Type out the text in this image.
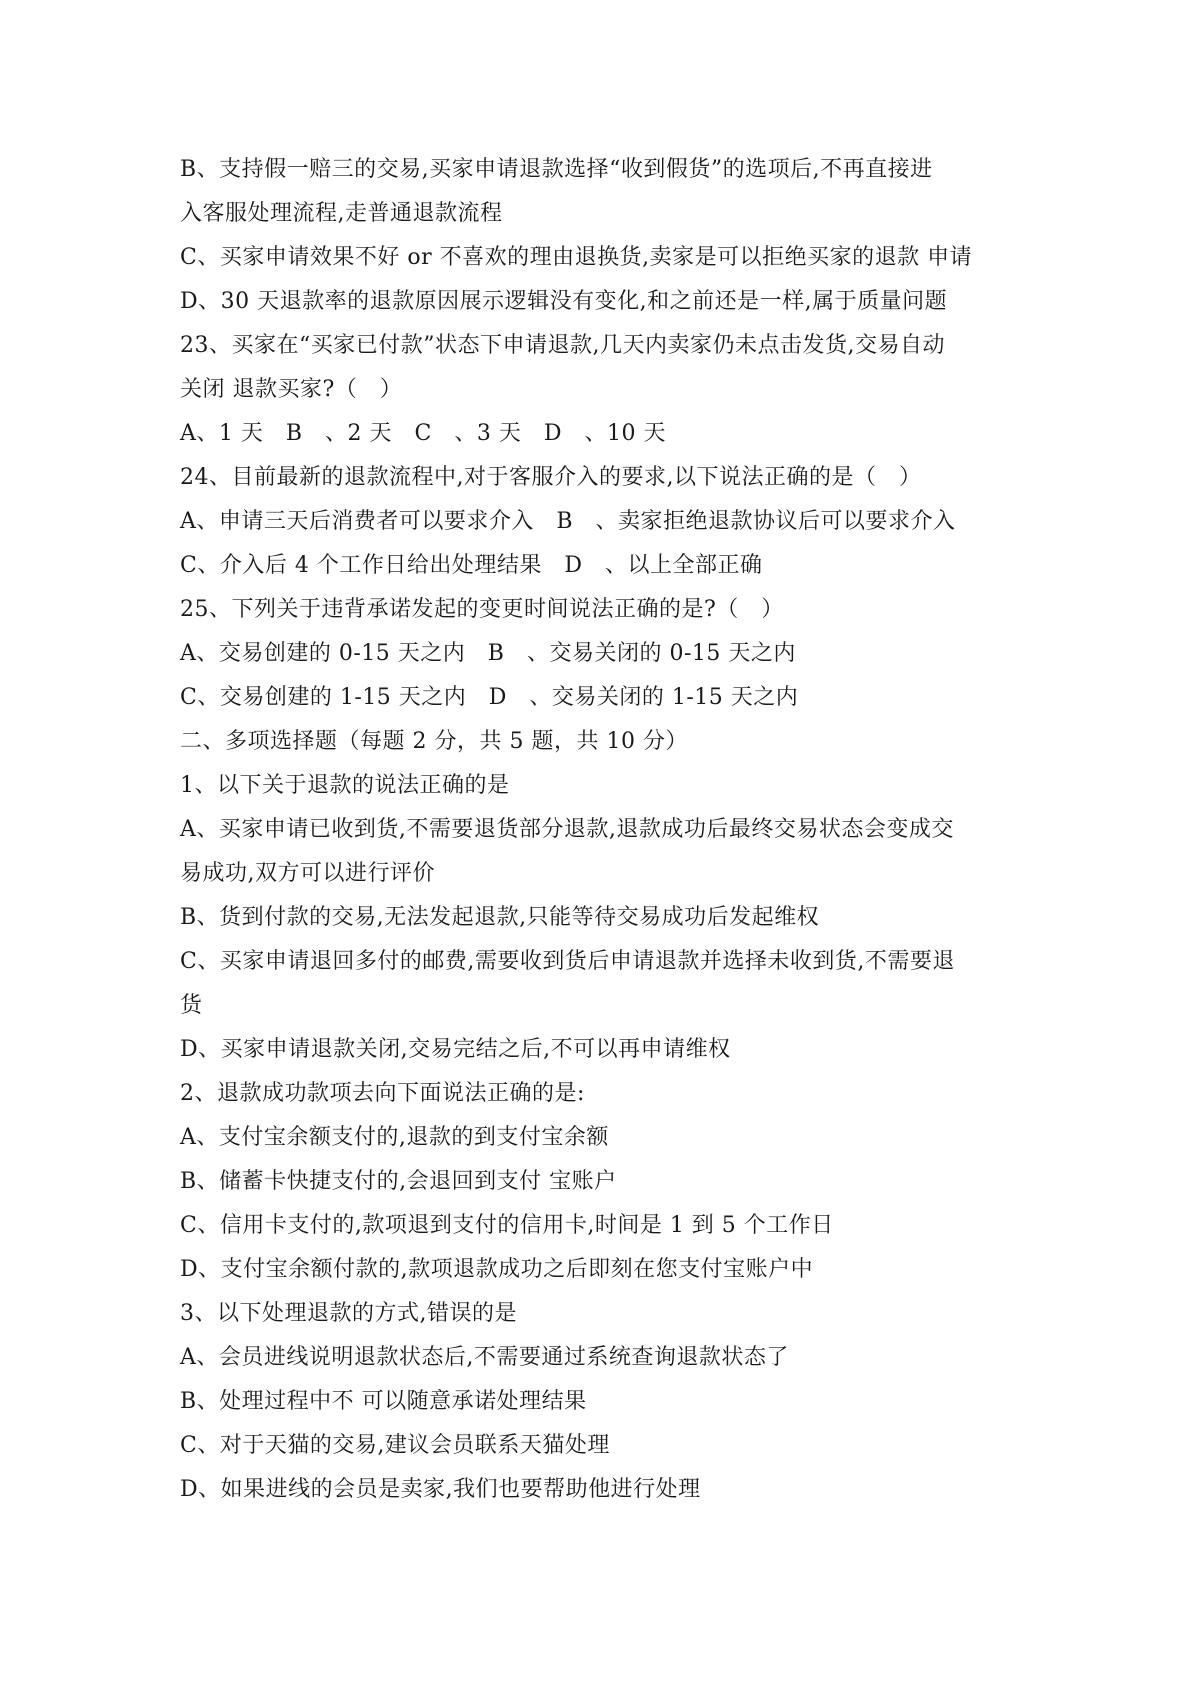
B、支持假一赔三的交易,买家申请退款选择“收到假货”的选项后,不再直接进
入客服处理流程,走普通退款流程
C、买家申请效果不好 or 不喜欢的理由退换货,卖家是可以拒绝买家的退款 申请
D、30 天退款率的退款原因展示逻辑没有变化,和之前还是一样,属于质量问题
23、买家在“买家已付款”状态下申请退款,几天内卖家仍未点击发货,交易自动
关闭 退款买家?（　）
A、1 天　B　、2 天　C　、3 天　D　、10 天
24、目前最新的退款流程中,对于客服介入的要求,以下说法正确的是（　）
A、申请三天后消费者可以要求介入　B　、卖家拒绝退款协议后可以要求介入
C、介入后 4 个工作日给出处理结果　D　、以上全部正确
25、下列关于违背承诺发起的变更时间说法正确的是?（　）
A、交易创建的 0-15 天之内　B　、交易关闭的 0-15 天之内
C、交易创建的 1-15 天之内　D　、交易关闭的 1-15 天之内
二、多项选择题（每题 2 分，共 5 题，共 10 分）
1、以下关于退款的说法正确的是
A、买家申请已收到货,不需要退货部分退款,退款成功后最终交易状态会变成交
易成功,双方可以进行评价
B、货到付款的交易,无法发起退款,只能等待交易成功后发起维权
C、买家申请退回多付的邮费,需要收到货后申请退款并选择未收到货,不需要退
货
D、买家申请退款关闭,交易完结之后,不可以再申请维权
2、退款成功款项去向下面说法正确的是:
A、支付宝余额支付的,退款的到支付宝余额
B、储蓄卡快捷支付的,会退回到支付 宝账户
C、信用卡支付的,款项退到支付的信用卡,时间是 1 到 5 个工作日
D、支付宝余额付款的,款项退款成功之后即刻在您支付宝账户中
3、以下处理退款的方式,错误的是
A、会员进线说明退款状态后,不需要通过系统查询退款状态了
B、处理过程中不 可以随意承诺处理结果
C、对于天猫的交易,建议会员联系天猫处理
D、如果进线的会员是卖家,我们也要帮助他进行处理
